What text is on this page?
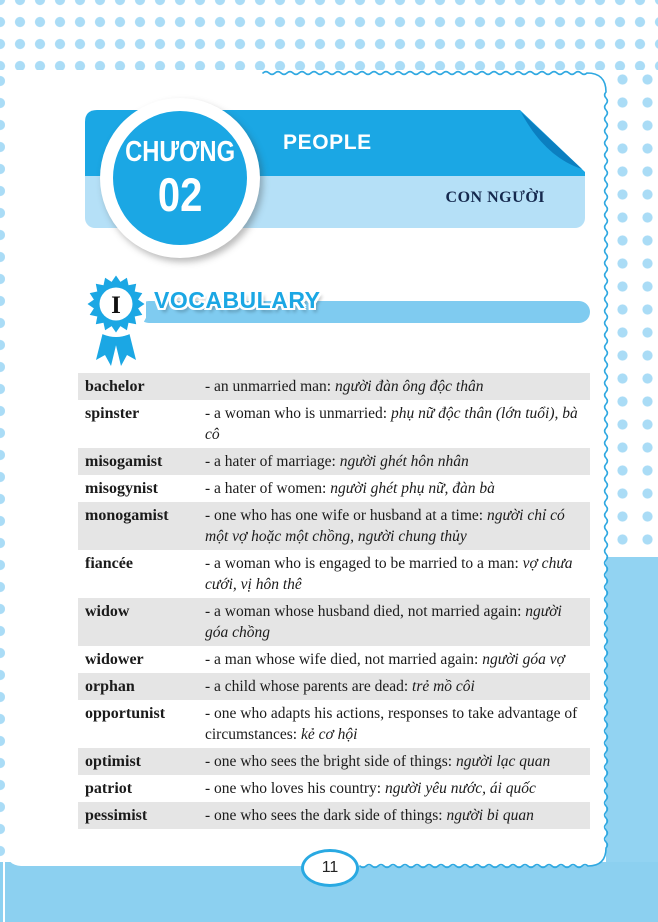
PEOPLE
CON NGƯỜI
CHƯƠNG
02
VOCABULARY
I
bachelor	- an unmarried man: người đàn ông độc thân
spinster	- a woman who is unmarried: phụ nữ độc thân (lớn tuổi), bà cô
misogamist	- a hater of marriage: người ghét hôn nhân
misogynist	- a hater of women: người ghét phụ nữ, đàn bà
monogamist	- one who has one wife or husband at a time: người chỉ có một vợ hoặc một chồng, người chung thủy
fiancée	- a woman who is engaged to be married to a man: vợ chưa cưới, vị hôn thê
widow	- a woman whose husband died, not married again: người góa chồng
widower	- a man whose wife died, not married again: người góa vợ
orphan	- a child whose parents are dead: trẻ mồ côi
opportunist	- one who adapts his actions, responses to take advantage of circumstances: kẻ cơ hội
optimist	- one who sees the bright side of things: người lạc quan
patriot	- one who loves his country: người yêu nước, ái quốc
pessimist	- one who sees the dark side of things: người bi quan
11
